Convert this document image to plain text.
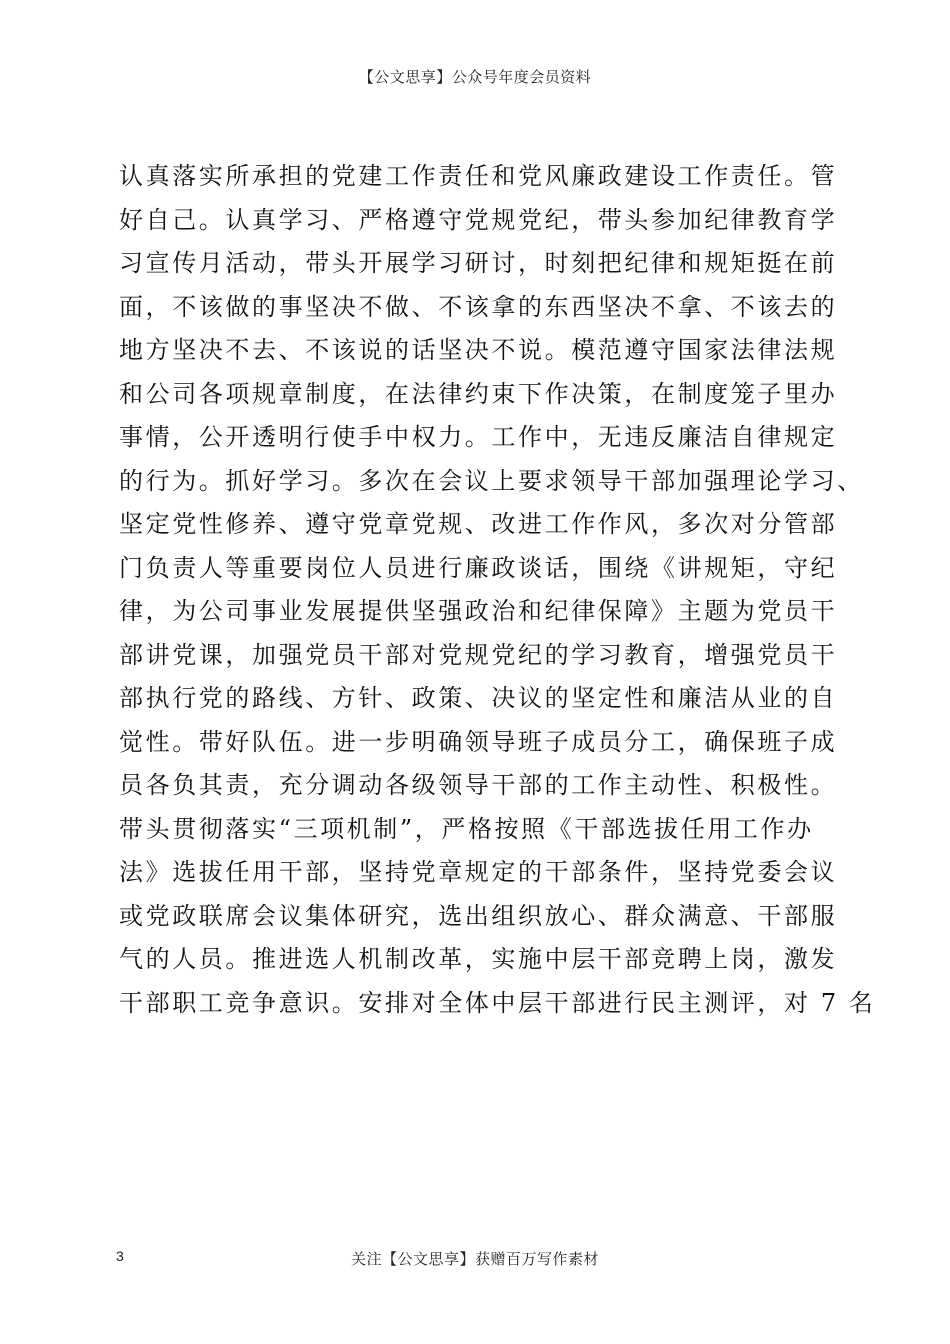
【公文思享】公众号年度会员资料
认真落实所承担的党建工作责任和党风廉政建设工作责任。管
好自己。认真学习、严格遵守党规党纪，带头参加纪律教育学
习宣传月活动，带头开展学习研讨，时刻把纪律和规矩挺在前
面，不该做的事坚决不做、不该拿的东西坚决不拿、不该去的
地方坚决不去、不该说的话坚决不说。模范遵守国家法律法规
和公司各项规章制度，在法律约束下作决策，在制度笼子里办
事情，公开透明行使手中权力。工作中，无违反廉洁自律规定
的行为。抓好学习。多次在会议上要求领导干部加强理论学习、
坚定党性修养、遵守党章党规、改进工作作风，多次对分管部
门负责人等重要岗位人员进行廉政谈话，围绕《讲规矩，守纪
律，为公司事业发展提供坚强政治和纪律保障》主题为党员干
部讲党课，加强党员干部对党规党纪的学习教育，增强党员干
部执行党的路线、方针、政策、决议的坚定性和廉洁从业的自
觉性。带好队伍。进一步明确领导班子成员分工，确保班子成
员各负其责，充分调动各级领导干部的工作主动性、积极性。
带头贯彻落实“三项机制”，严格按照《干部选拔任用工作办
法》选拔任用干部，坚持党章规定的干部条件，坚持党委会议
或党政联席会议集体研究，选出组织放心、群众满意、干部服
气的人员。推进选人机制改革，实施中层干部竞聘上岗，激发
干部职工竞争意识。安排对全体中层干部进行民主测评，对 7 名
3	关注【公文思享】获赠百万写作素材
